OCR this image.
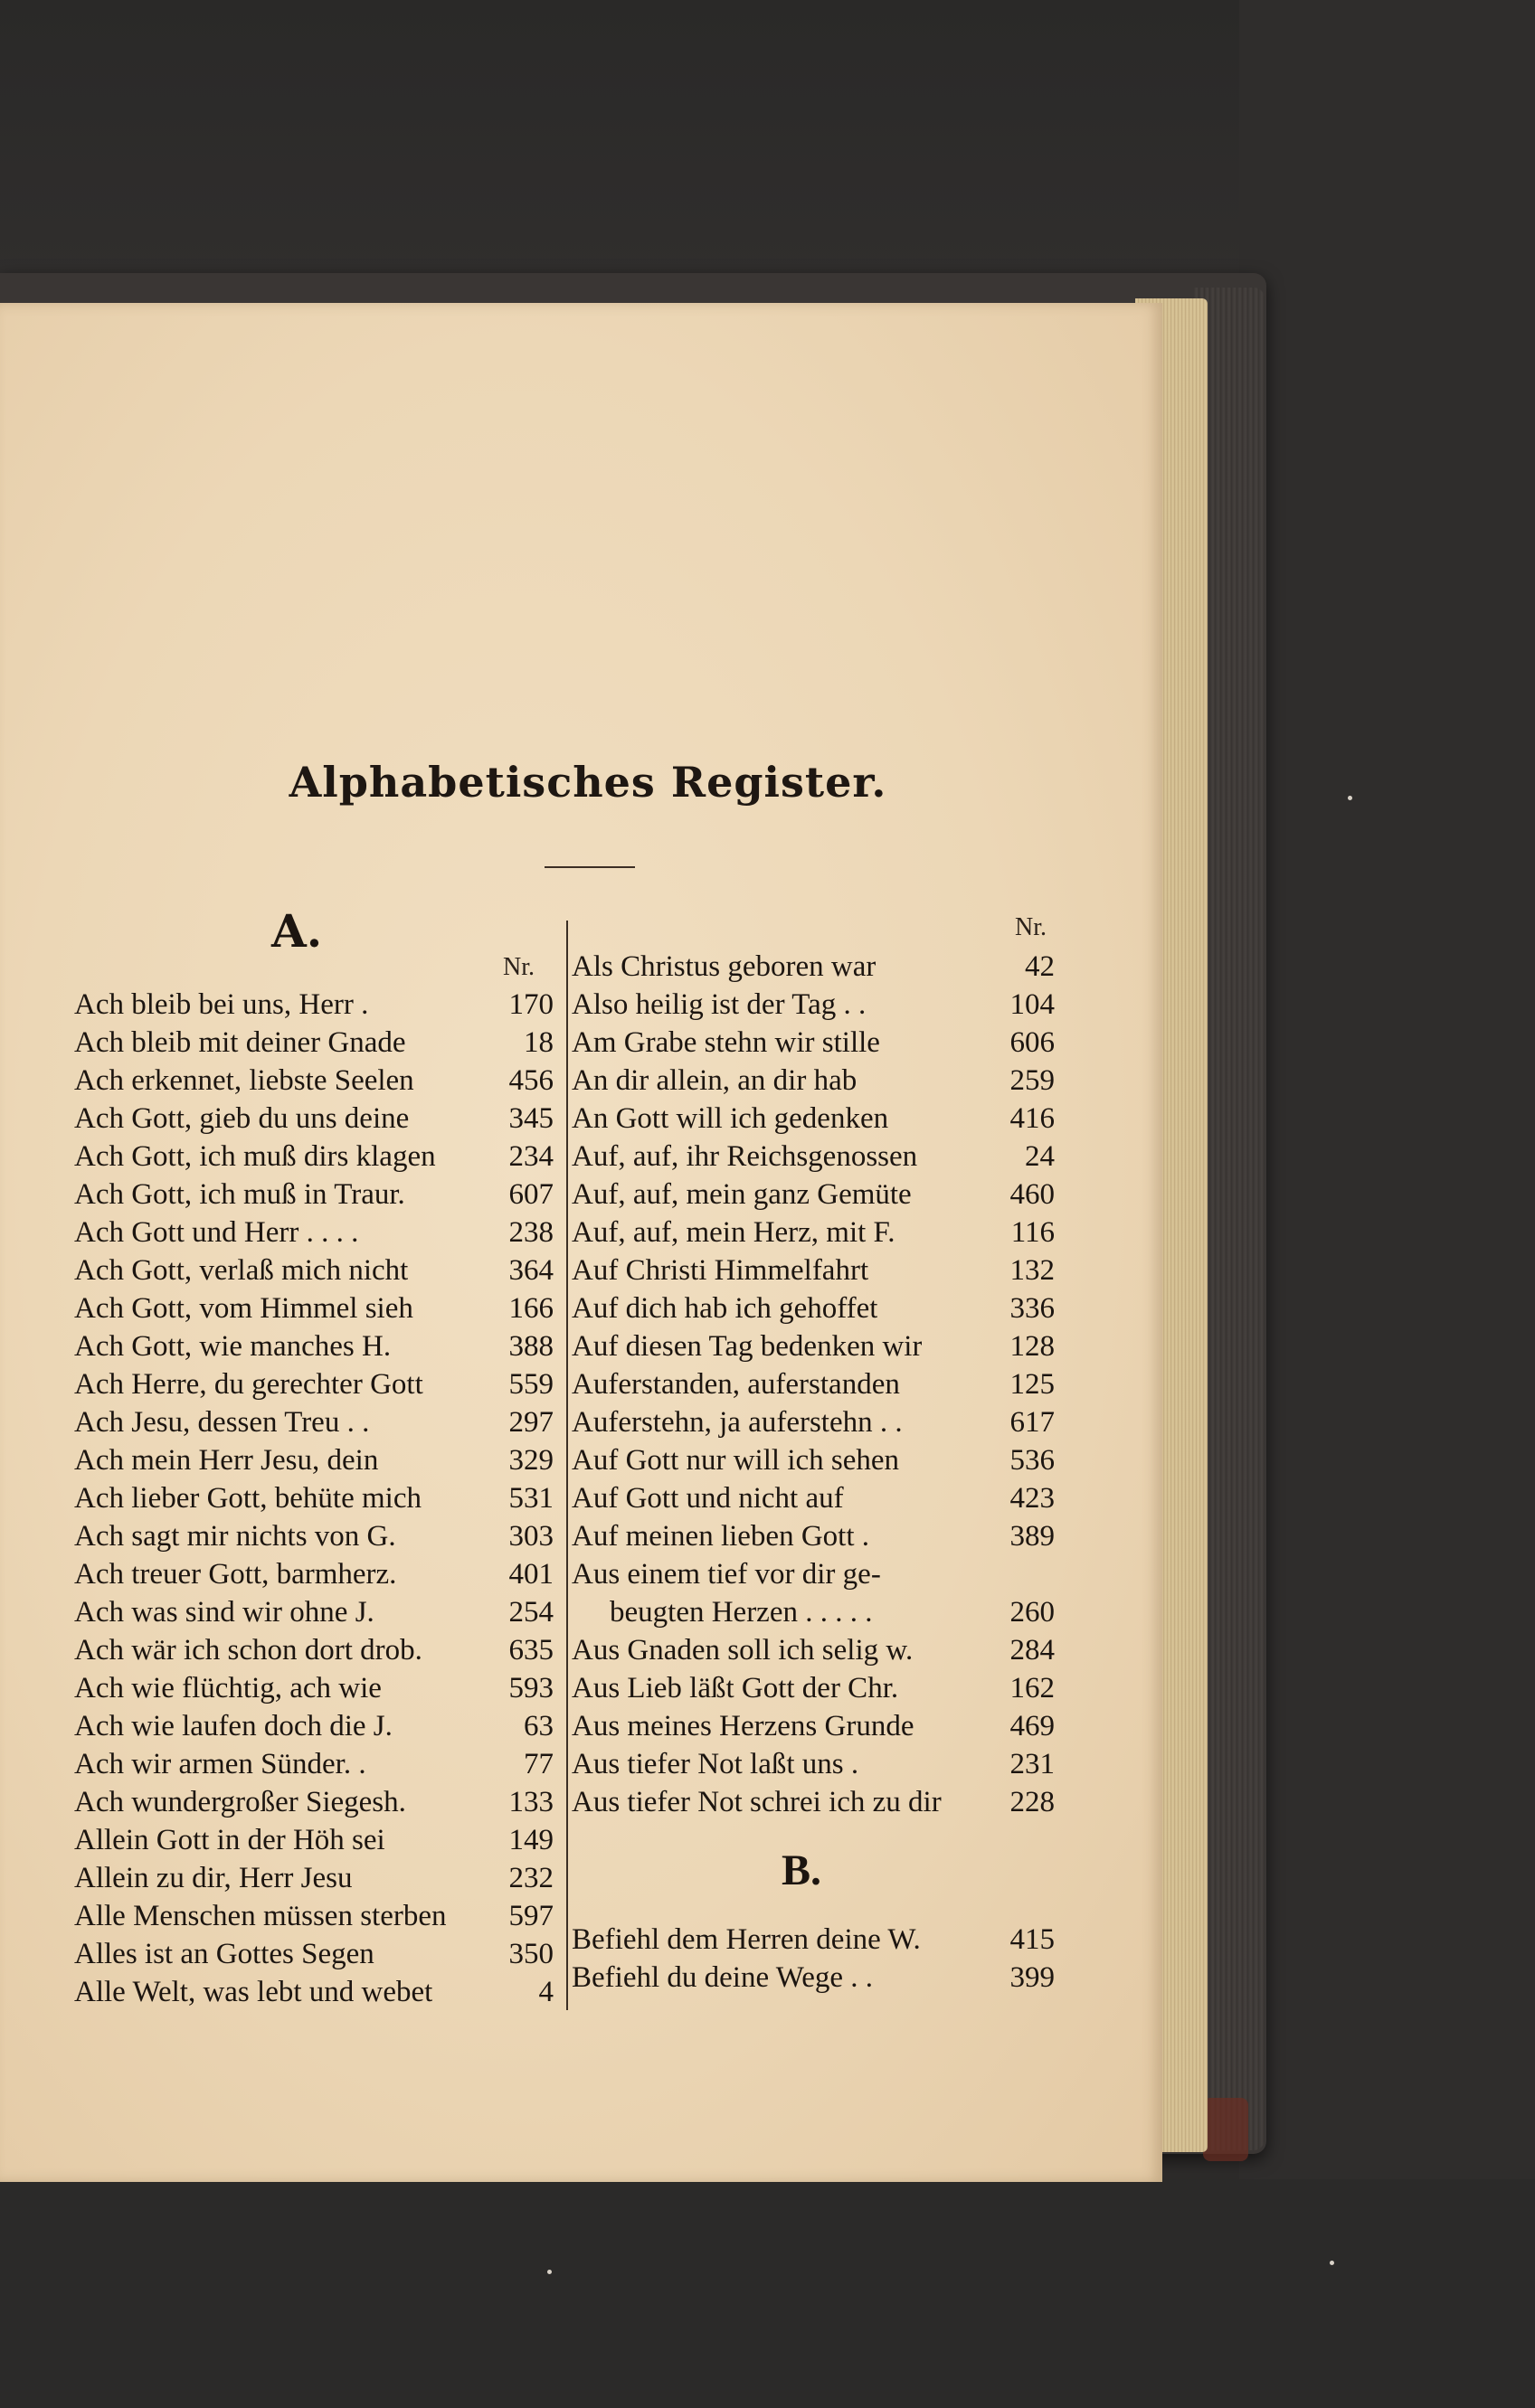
Alphabetisches Register.
A.
Nr.
Nr.
Ach bleib bei uns, Herr .	170
Ach bleib mit deiner Gnade	18
Ach erkennet, liebste Seelen	456
Ach Gott, gieb du uns deine	345
Ach Gott, ich muß dirs klagen 234
Ach Gott, ich muß in Traur.	607
Ach Gott und Herr . . . .	238
Ach Gott, verlaß mich nicht	364
Ach Gott, vom Himmel sieh	166
Ach Gott, wie manches H.	388
Ach Herre, du gerechter Gott	559
Ach Jesu, dessen Treu . .	297
Ach mein Herr Jesu, dein	329
Ach lieber Gott, behüte mich	531
Ach sagt mir nichts von G.	303
Ach treuer Gott, barmherz.	401
Ach was sind wir ohne J.	254
Ach wär ich schon dort drob.	635
Ach wie flüchtig, ach wie	593
Ach wie laufen doch die J.	63
Ach wir armen Sünder. .	77
Ach wundergroßer Siegesh.	133
Allein Gott in der Höh sei	149
Allein zu dir, Herr Jesu	232
Alle Menschen müssen sterben 597
Alles ist an Gottes Segen	350
Alle Welt, was lebt und webet	4
Als Christus geboren war	42
Also heilig ist der Tag . .	104
Am Grabe stehn wir stille	606
An dir allein, an dir hab	259
An Gott will ich gedenken	416
Auf, auf, ihr Reichsgenossen	24
Auf, auf, mein ganz Gemüte	460
Auf, auf, mein Herz, mit F.	116
Auf Christi Himmelfahrt	132
Auf dich hab ich gehoffet	336
Auf diesen Tag bedenken wir	128
Auferstanden, auferstanden	125
Auferstehn, ja auferstehn . .	617
Auf Gott nur will ich sehen	536
Auf Gott und nicht auf	423
Auf meinen lieben Gott .	389
Aus einem tief vor dir ge-
beugten Herzen . . . . .	260
Aus Gnaden soll ich selig w.	284
Aus Lieb läßt Gott der Chr.	162
Aus meines Herzens Grunde	469
Aus tiefer Not laßt uns .	231
Aus tiefer Not schrei ich zu dir 228
B.
Befiehl dem Herren deine W.	415
Befiehl du deine Wege . .	399
